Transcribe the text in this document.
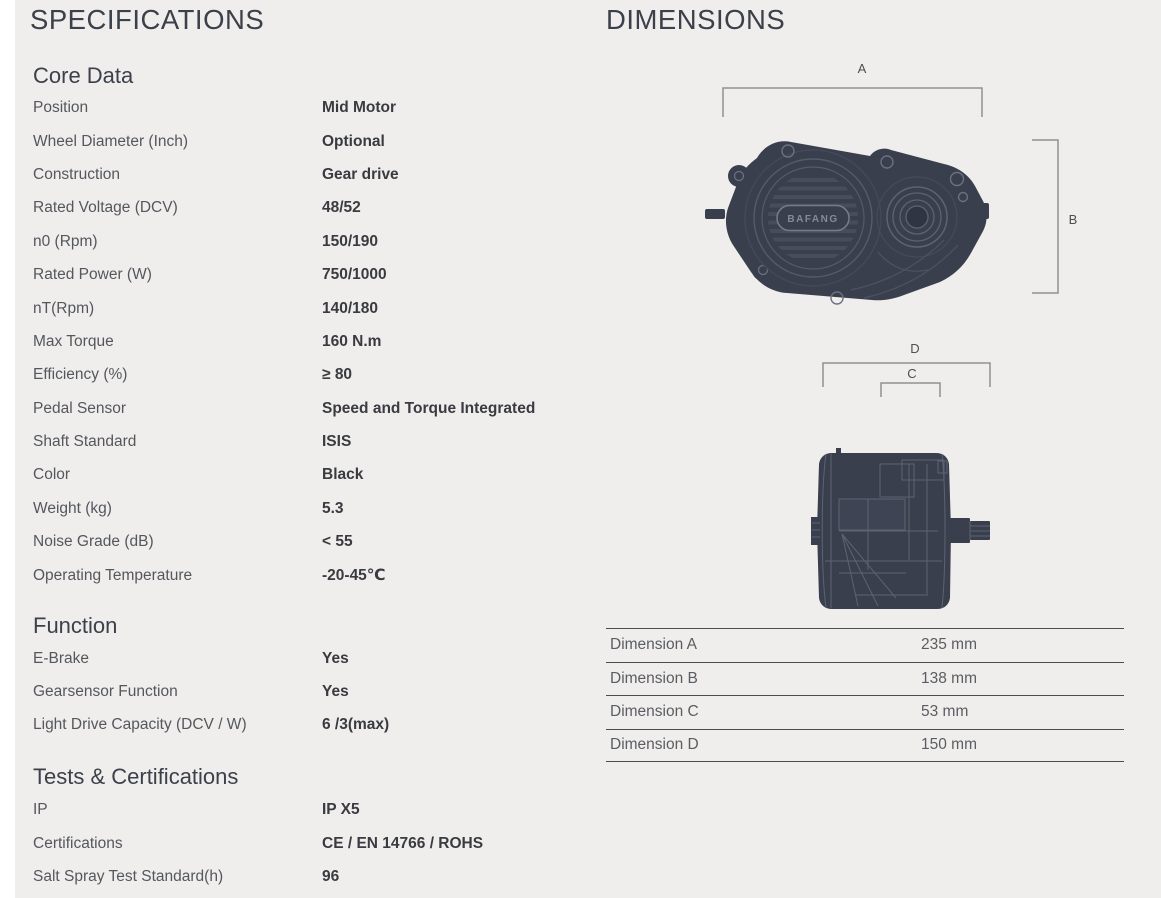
SPECIFICATIONS
Core Data
Position	Mid Motor
Wheel Diameter (Inch)	Optional
Construction	Gear drive
Rated Voltage (DCV)	48/52
n0 (Rpm)	150/190
Rated Power (W)	750/1000
nT(Rpm)	140/180
Max Torque	160 N.m
Efficiency (%)	≥ 80
Pedal Sensor	Speed and Torque Integrated
Shaft Standard	ISIS
Color	Black
Weight (kg)	5.3
Noise Grade (dB)	< 55
Operating Temperature	-20-45℃
Function
E-Brake	Yes
Gearsensor Function	Yes
Light Drive Capacity (DCV / W)	6 /3(max)
Tests & Certifications
IP	IP X5
Certifications	CE / EN 14766 / ROHS
Salt Spray Test Standard(h)	96
DIMENSIONS
A
B
D
C
BAFANG
Dimension A	235 mm
Dimension B	138 mm
Dimension C	53 mm
Dimension D	150 mm
